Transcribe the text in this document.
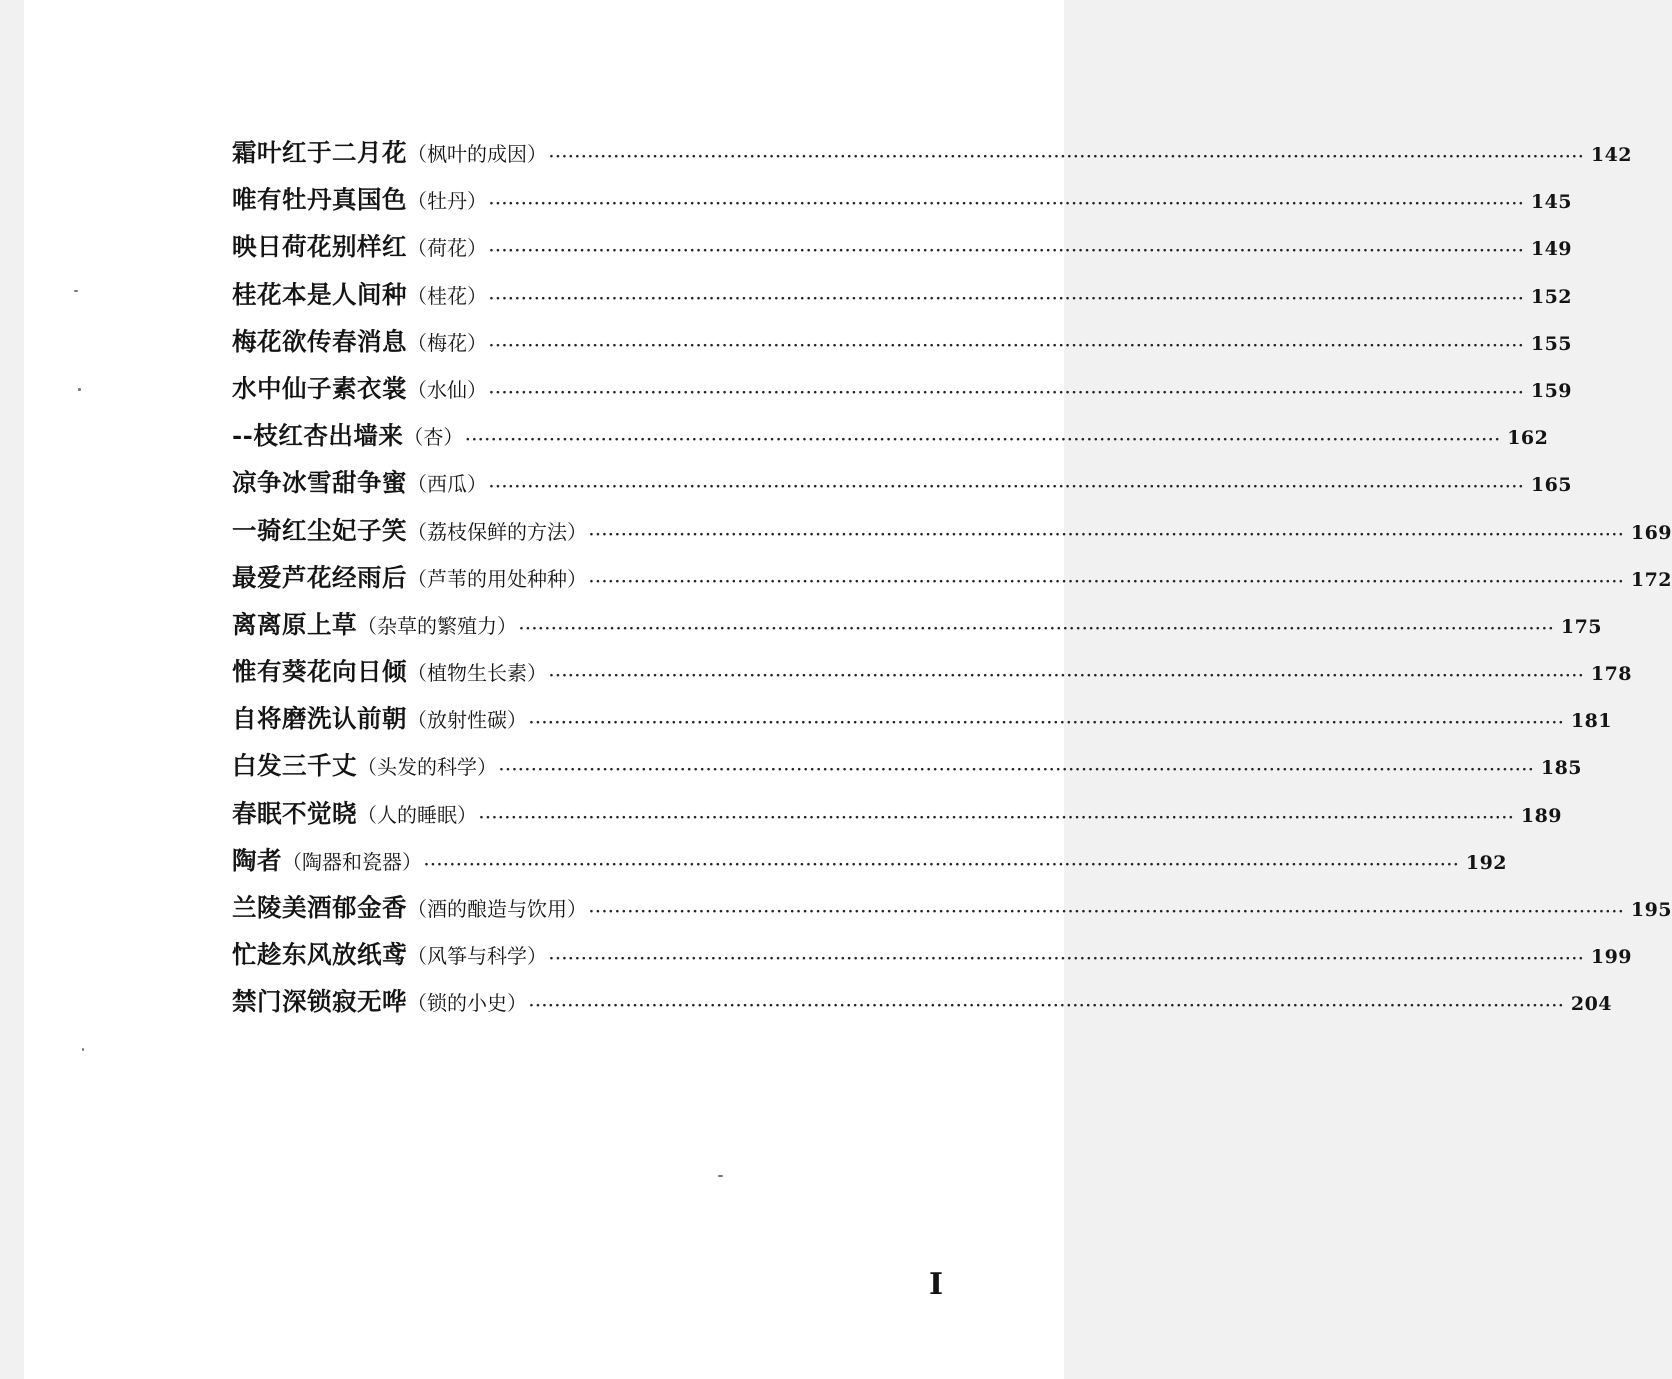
霜叶红于二月花 （枫叶的成因） ································································································································································ 142
唯有牡丹真国色 （牡丹） ································································································································································ 145
映日荷花别样红 （荷花） ································································································································································ 149
桂花本是人间种 （桂花） ································································································································································ 152
梅花欲传春消息 （梅花） ································································································································································ 155
水中仙子素衣裳 （水仙） ································································································································································ 159
--枝红杏出墙来 （杏） ································································································································································ 162
凉争冰雪甜争蜜 （西瓜） ································································································································································ 165
一骑红尘妃子笑 （荔枝保鲜的方法） ································································································································································ 169
最爱芦花经雨后 （芦苇的用处种种） ································································································································································ 172
离离原上草 （杂草的繁殖力） ································································································································································ 175
惟有葵花向日倾 （植物生长素） ································································································································································ 178
自将磨洗认前朝 （放射性碳） ································································································································································ 181
白发三千丈 （头发的科学） ································································································································································ 185
春眠不觉晓 （人的睡眠） ································································································································································ 189
陶者 （陶器和瓷器） ································································································································································ 192
兰陵美酒郁金香 （酒的酿造与饮用） ································································································································································ 195
忙趁东风放纸鸢 （风筝与科学） ································································································································································ 199
禁门深锁寂无哗 （锁的小史） ································································································································································ 204
I
